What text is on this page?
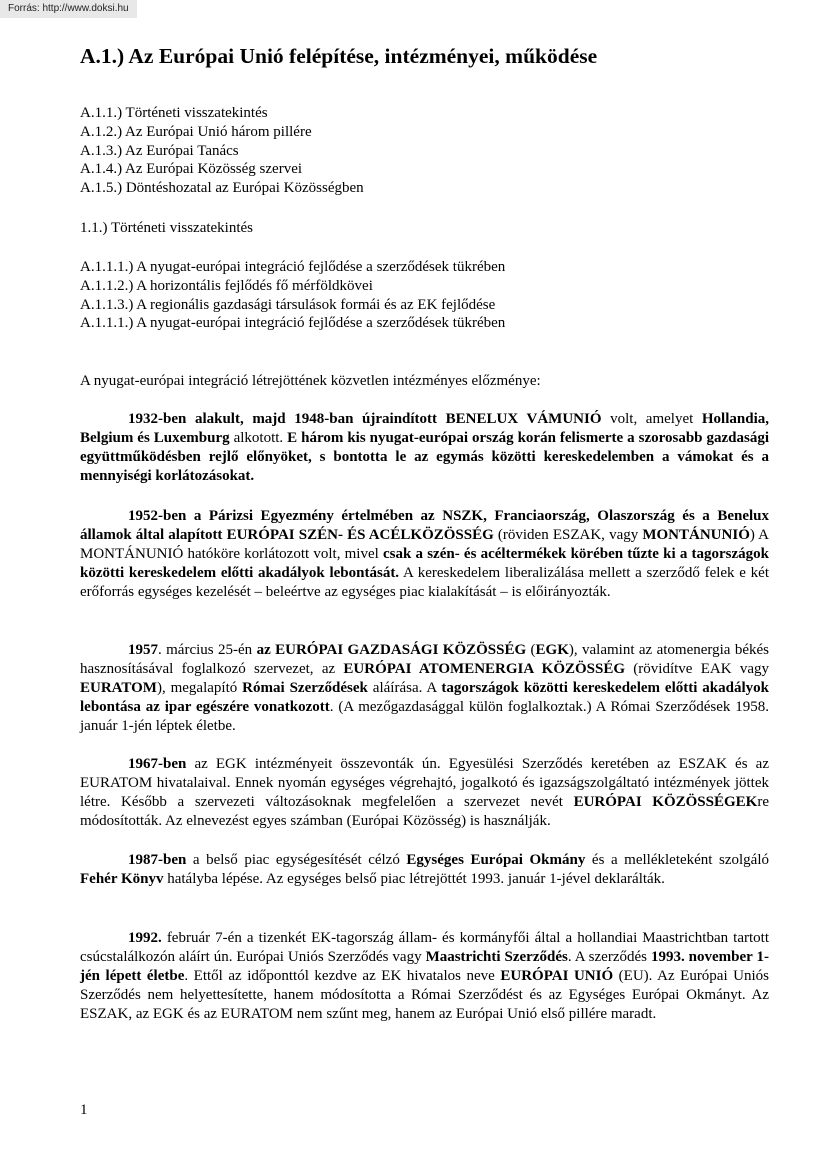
Forrás: http://www.doksi.hu
A.1.) Az Európai Unió felépítése, intézményei, működése
A.1.1.) Történeti visszatekintés
A.1.2.) Az Európai Unió három pillére
A.1.3.) Az Európai Tanács
A.1.4.) Az Európai Közösség szervei
A.1.5.) Döntéshozatal az Európai Közösségben

1.1.) Történeti visszatekintés

A.1.1.1.) A nyugat-európai integráció fejlődése a szerződések tükrében
A.1.1.2.) A horizontális fejlődés fő mérföldkövei
A.1.1.3.) A regionális gazdasági társulások formái és az EK fejlődése
A.1.1.1.) A nyugat-európai integráció fejlődése a szerződések tükrében

A nyugat-európai integráció létrejöttének közvetlen intézményes előzménye:

1932-ben alakult, majd 1948-ban újraindított BENELUX VÁMUNIÓ volt, amelyet Hollandia, Belgium és Luxemburg alkotott. E három kis nyugat-európai ország korán felismerte a szorosabb gazdasági együttműködésben rejlő előnyöket, s bontotta le az egymás közötti kereskedelemben a vámokat és a mennyiségi korlátozásokat.

1952-ben a Párizsi Egyezmény értelmében az NSZK, Franciaország, Olaszország és a Benelux államok által alapított EURÓPAI SZÉN- ÉS ACÉLKÖZÖSSÉG (röviden ESZAK, vagy MONTÁNUNIÓ) A MONTÁNUNIÓ hatóköre korlátozott volt, mivel csak a szén- és acéltermékek körében tűzte ki a tagországok közötti kereskedelem előtti akadályok lebontását. A kereskedelem liberalizálása mellett a szerződő felek e két erőforrás egységes kezelését – beleértve az egységes piac kialakítását – is előirányozták.

1957. március 25-én az EURÓPAI GAZDASÁGI KÖZÖSSÉG (EGK), valamint az atomenergia békés hasznosításával foglalkozó szervezet, az EURÓPAI ATOMENERGIA KÖZÖSSÉG (rövidítve EAK vagy EURATOM), megalapító Római Szerződések aláírása. A tagországok közötti kereskedelem előtti akadályok lebontása az ipar egészére vonatkozott. (A mezőgazdasággal külön foglalkoztak.) A Római Szerződések 1958. január 1-jén léptek életbe.

1967-ben az EGK intézményeit összevonták ún. Egyesülési Szerződés keretében az ESZAK és az EURATOM hivatalaival. Ennek nyomán egységes végrehajtó, jogalkotó és igazságszolgáltató intézmények jöttek létre. Később a szervezeti változásoknak megfelelően a szervezet nevét EURÓPAI KÖZÖSSÉGEKre módosították. Az elnevezést egyes számban (Európai Közösség) is használják.

1987-ben a belső piac egységesítését célzó Egységes Európai Okmány és a mellékleteként szolgáló Fehér Könyv hatályba lépése. Az egységes belső piac létrejöttét 1993. január 1-jével deklarálták.

1992. február 7-én a tizenkét EK-tagország állam- és kormányfői által a hollandiai Maastrichtban tartott csúcstalálkozón aláírt ún. Európai Uniós Szerződés vagy Maastrichti Szerződés. A szerződés 1993. november 1-jén lépett életbe. Ettől az időponttól kezdve az EK hivatalos neve EURÓPAI UNIÓ (EU). Az Európai Uniós Szerződés nem helyettesítette, hanem módosította a Római Szerződést és az Egységes Európai Okmányt. Az ESZAK, az EGK és az EURATOM nem szűnt meg, hanem az Európai Unió első pillére maradt.

1
